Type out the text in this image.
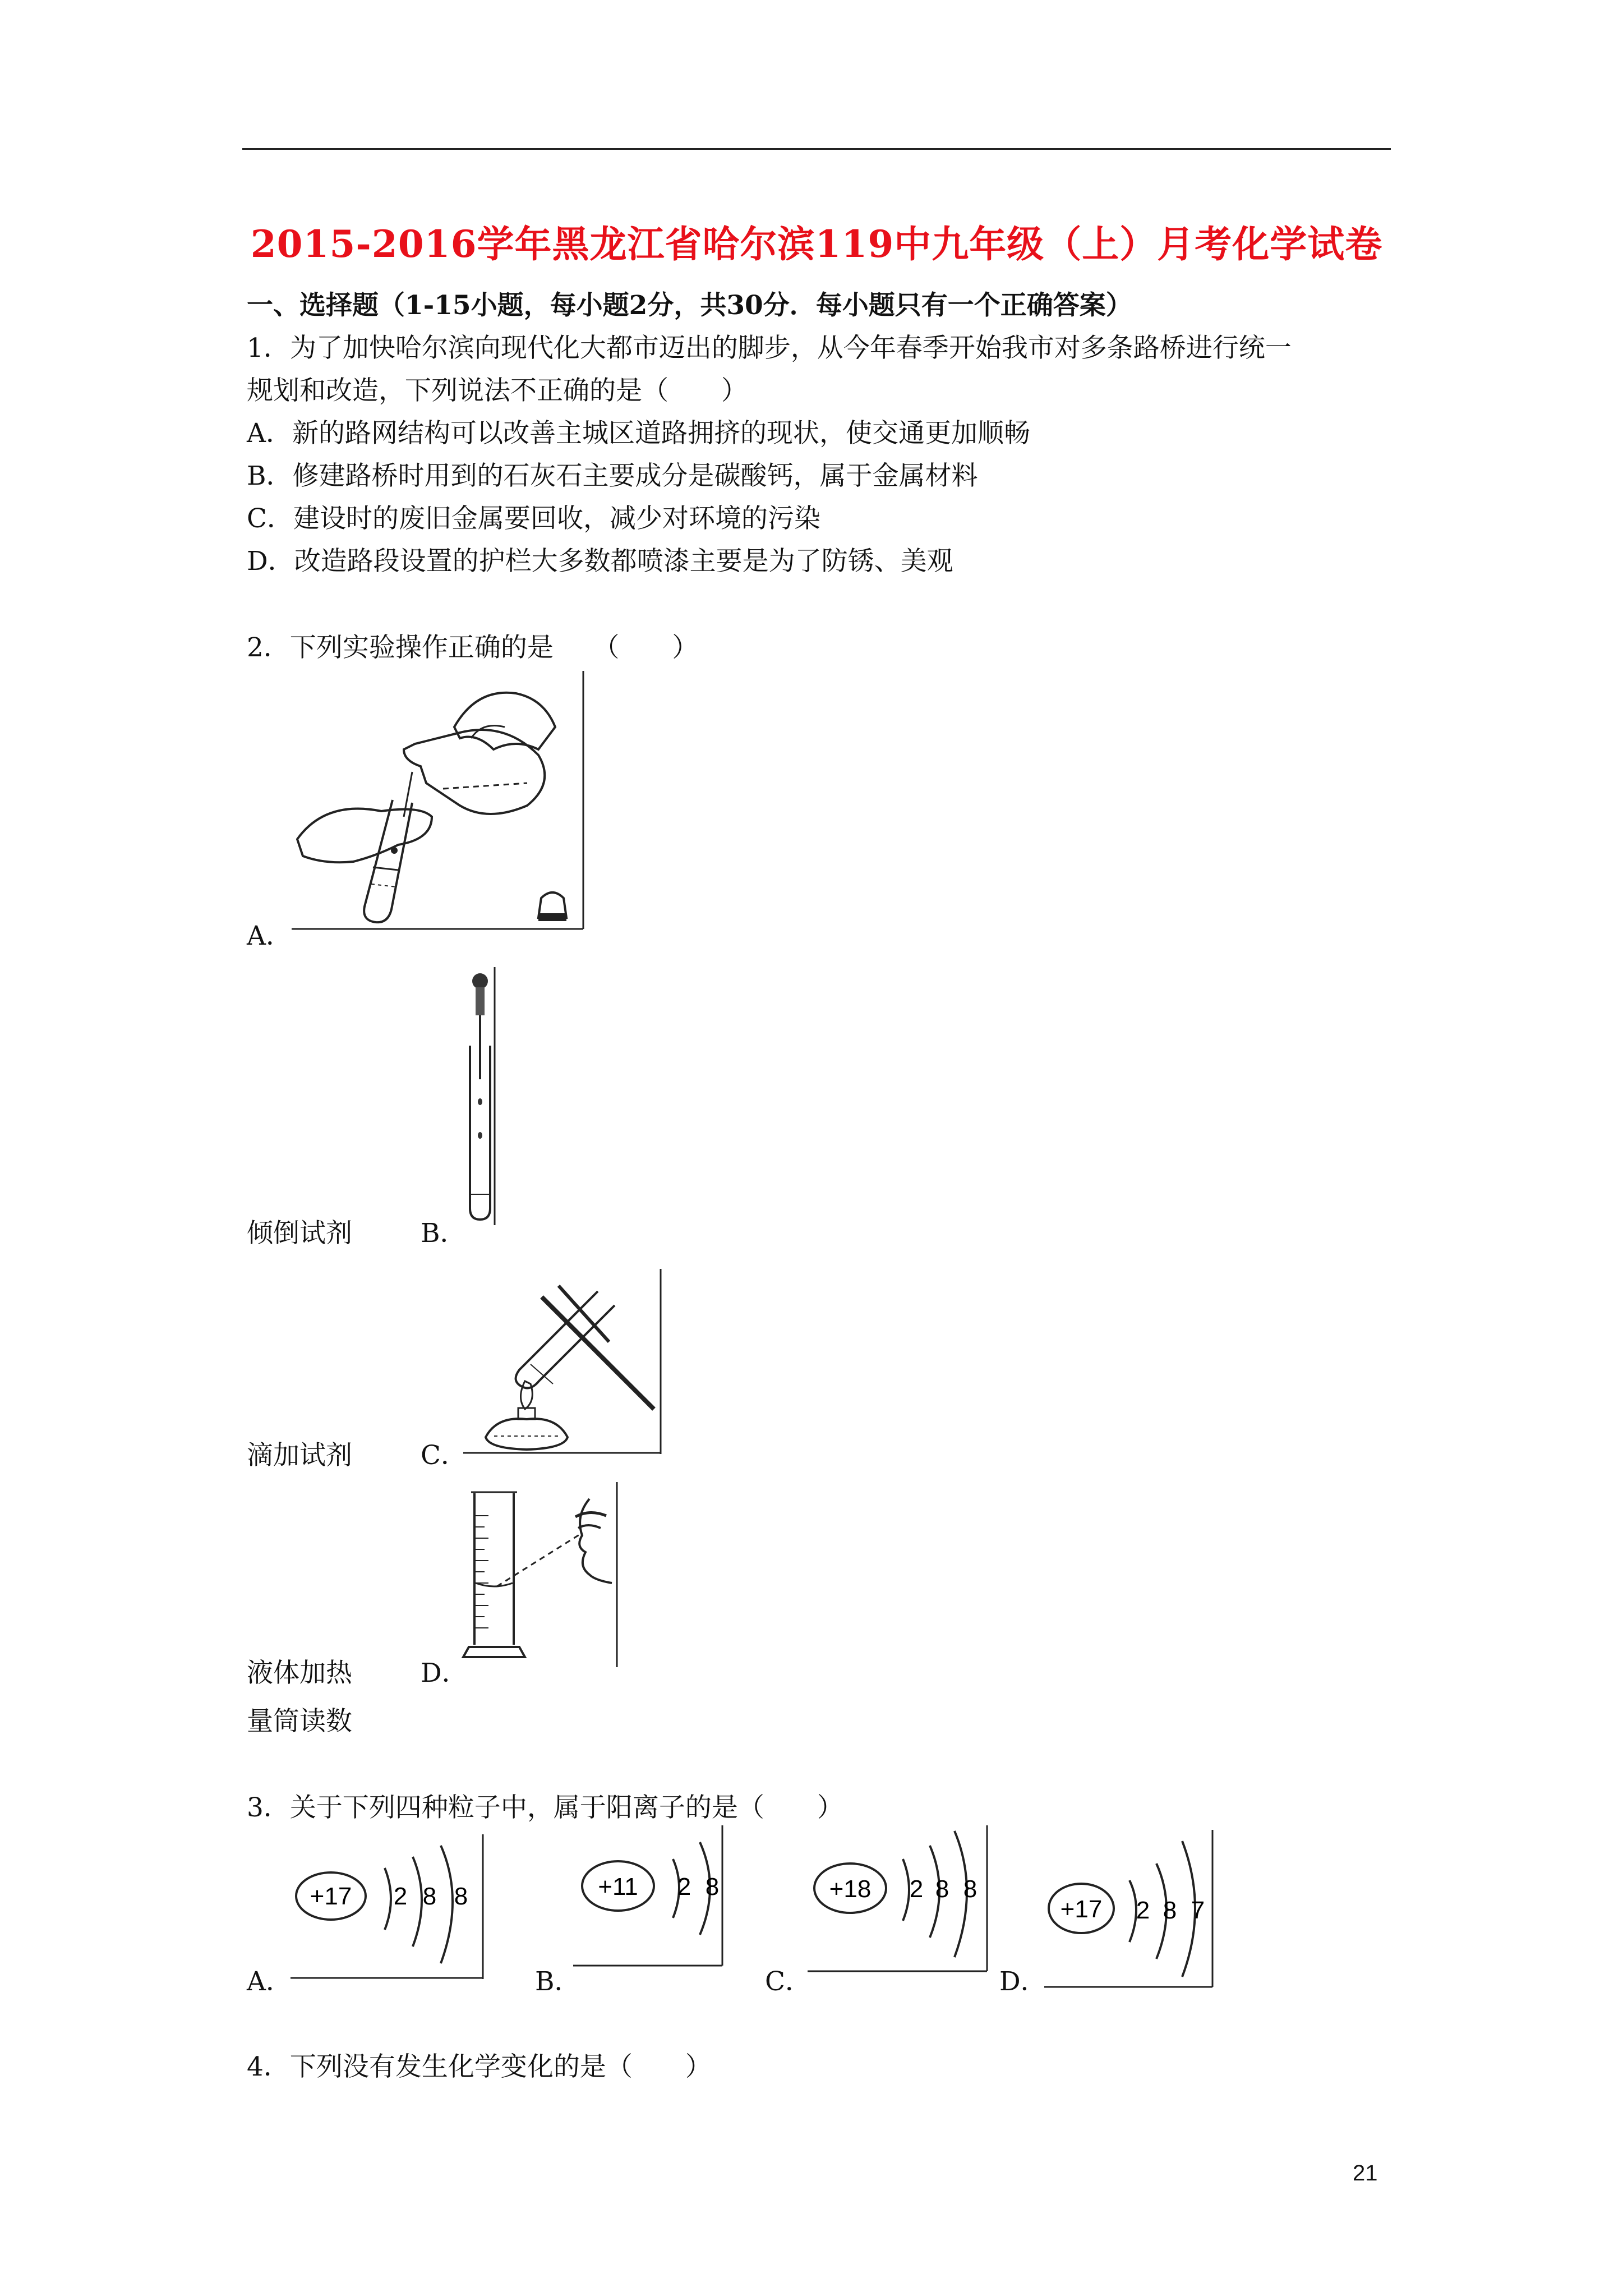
2015-2016学年黑龙江省哈尔滨119中九年级（上）月考化学试卷
一、选择题（1-15小题，每小题2分，共30分．每小题只有一个正确答案）
1．为了加快哈尔滨向现代化大都市迈出的脚步，从今年春季开始我市对多条路桥进行统一
规划和改造，下列说法不正确的是（　　）
A．新的路网结构可以改善主城区道路拥挤的现状，使交通更加顺畅
B．修建路桥时用到的石灰石主要成分是碳酸钙，属于金属材料
C．建设时的废旧金属要回收，减少对环境的污染
D．改造路段设置的护栏大多数都喷漆主要是为了防锈、美观
2．下列实验操作正确的是　　（　　）
A．
倾倒试剂	B．
滴加试剂	C．
液体加热	D．
量筒读数
3．关于下列四种粒子中，属于阳离子的是（　　）
+17 2 8 8
A．
+11 2 8
B．
+18 2 8 8
C．
+17 2 8 7
D．
4．下列没有发生化学变化的是（　　）
21
